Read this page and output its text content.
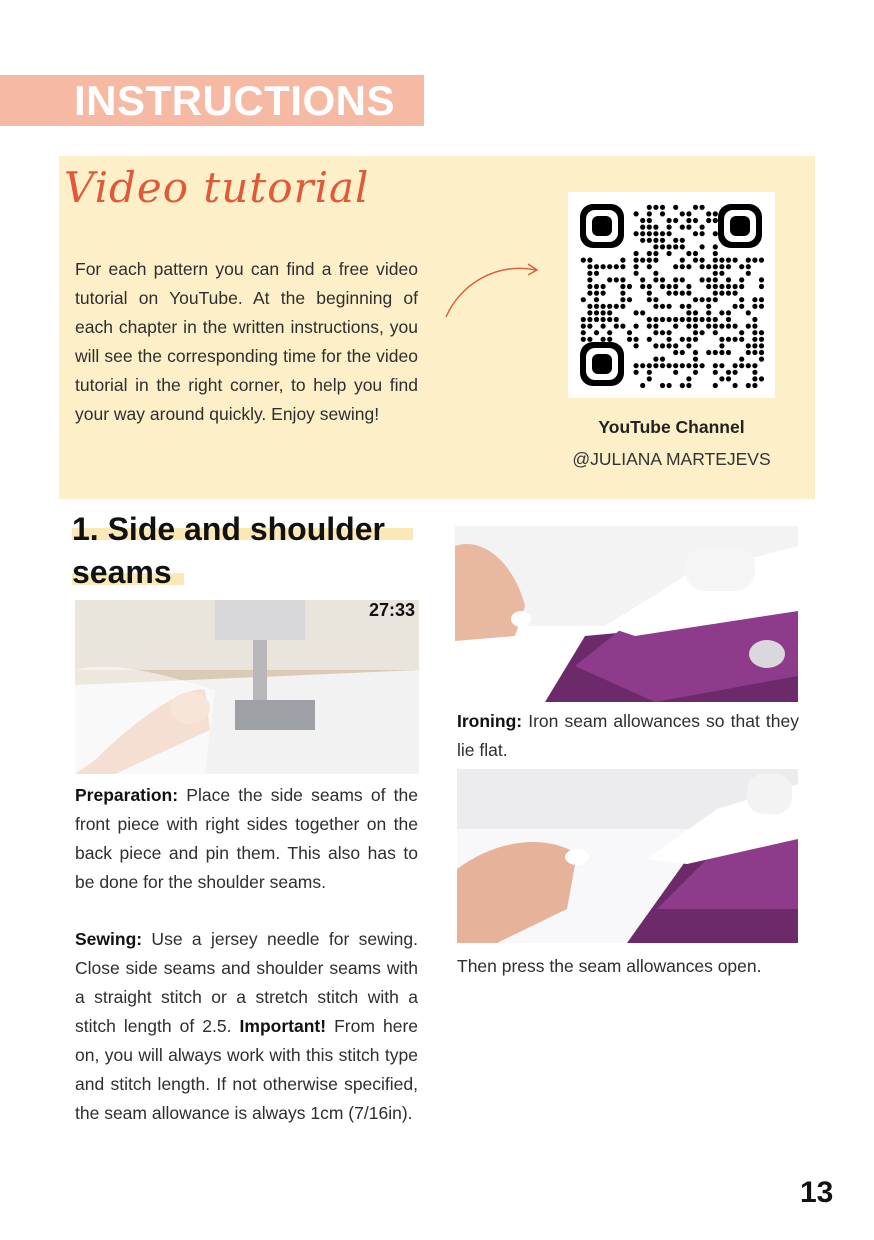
INSTRUCTIONS
Video tutorial
For each pattern you can find a free video tutorial on YouTube. At the beginning of each chapter in the written instructions, you will see the corresponding time for the video tutorial in the right corner, to help you find your way around quickly. Enjoy sewing!
YouTube Channel
@JULIANA MARTEJEVS
1. Side and shoulder seams
27:33
Preparation: Place the side seams of the front piece with right sides together on the back piece and pin them. This also has to be done for the shoulder seams.
Sewing: Use a jersey needle for sewing. Close side seams and shoulder seams with a straight stitch or a stretch stitch with a stitch length of 2.5. Important! From here on, you will always work with this stitch type and stitch length. If not otherwise specified, the seam allowance is always 1cm (7/16in).
Ironing: Iron seam allowances so that they lie flat.
Then press the seam allowances open.
13
